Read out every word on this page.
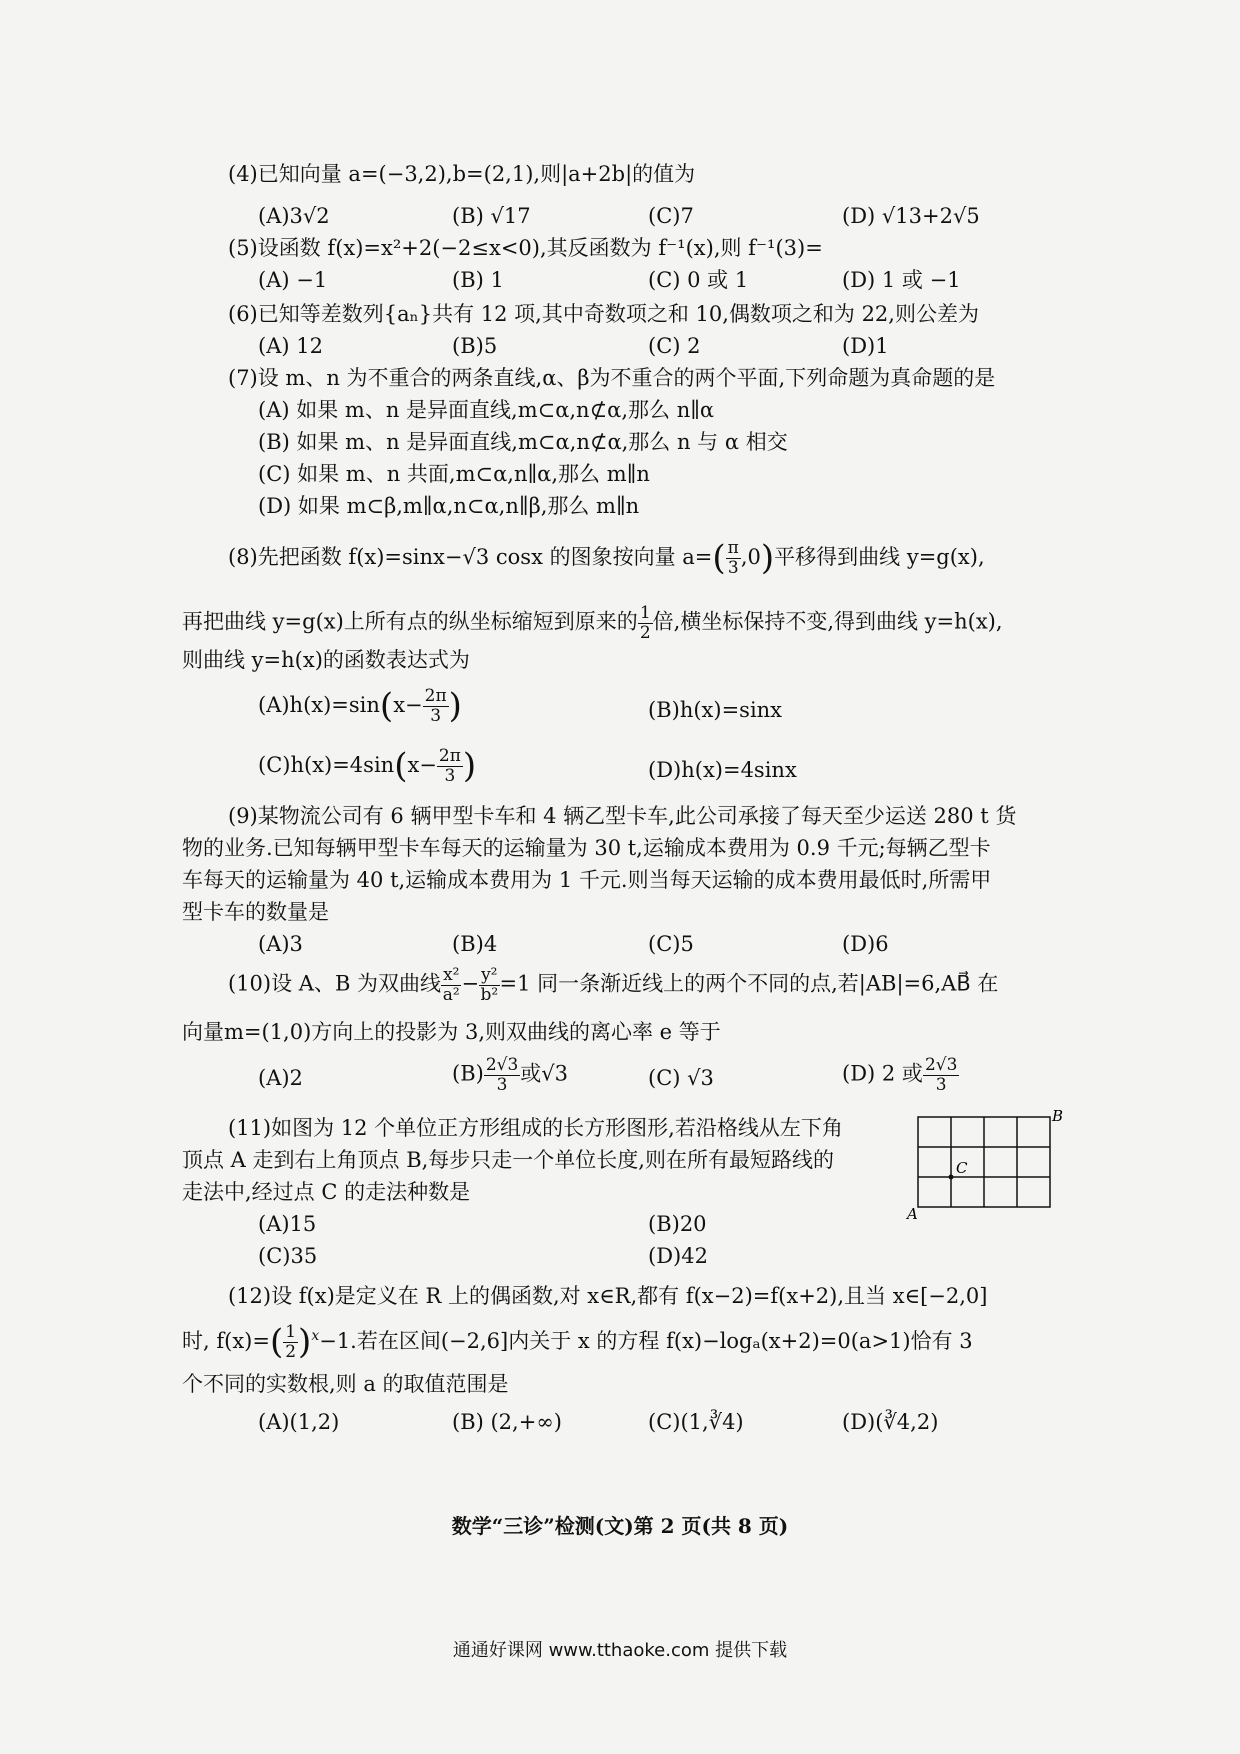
(4)已知向量 a=(−3,2),b=(2,1),则|a+2b|的值为
(A)3√2	(B) √17	(C)7	(D) √13+2√5
(5)设函数 f(x)=x²+2(−2≤x<0),其反函数为 f⁻¹(x),则 f⁻¹(3)=
(A) −1	(B) 1	(C) 0 或 1	(D) 1 或 −1
(6)已知等差数列{aₙ}共有 12 项,其中奇数项之和 10,偶数项之和为 22,则公差为
(A) 12	(B)5	(C) 2	(D)1
(7)设 m、n 为不重合的两条直线,α、β为不重合的两个平面,下列命题为真命题的是
(A) 如果 m、n 是异面直线,m⊂α,n⊄α,那么 n∥α
(B) 如果 m、n 是异面直线,m⊂α,n⊄α,那么 n 与 α 相交
(C) 如果 m、n 共面,m⊂α,n∥α,那么 m∥n
(D) 如果 m⊂β,m∥α,n⊂α,n∥β,那么 m∥n
(8)先把函数 f(x)=sinx−√3 cosx 的图象按向量 $a=( \frac{\pi}{3} ,0)$平移得到曲线 y=g(x),
再把曲线 y=g(x)上所有点的纵坐标缩短到原来的 $\frac{1}{2}$ 倍,横坐标保持不变,得到曲线 y=h(x),
则曲线 y=h(x)的函数表达式为
$(A)h(x)=\sin(x- \frac{2\pi}{3}$ )	(B)h(x)=sinx
$(C)h(x)=4\sin(x- \frac{2\pi}{3}$ )	(D)h(x)=4sinx
(9)某物流公司有 6 辆甲型卡车和 4 辆乙型卡车,此公司承接了每天至少运送 280 t 货
物的业务.已知每辆甲型卡车每天的运输量为 30 t,运输成本费用为 0.9 千元;每辆乙型卡
车每天的运输量为 40 t,运输成本费用为 1 千元.则当每天运输的成本费用最低时,所需甲
型卡车的数量是
(A)3	(B)4	(C)5	(D)6
(10)设 A、B 为双曲线 $\frac{\text{x²}}{\text{a²}} - \frac{\text{y²}}{\text{b²}} =1$ 同一条渐近线上的两个不同的点,若|AB|=6,AB⃗ 在
向量m=(1,0)方向上的投影为 3,则双曲线的离心率 e 等于
(A)2	$(B) \frac{2√3}{3}$ 或√3	(C) √3	(D) 2 或 $\frac{2√3}{3}$
(11)如图为 12 个单位正方形组成的长方形图形,若沿格线从左下角
顶点 A 走到右上角顶点 B,每步只走一个单位长度,则在所有最短路线的
走法中,经过点 C 的走法种数是
(A)15	(B)20
(C)35	(D)42
A
B
C
(12)设 f(x)是定义在 R 上的偶函数,对 x∈R,都有 f(x−2)=f(x+2),且当 x∈[−2,0]
时, $f(x)=( \frac{1}{2} )^x-1$.若在区间(−2,6]内关于 x 的方程 f(x)−logₐ(x+2)=0(a>1)恰有 3
个不同的实数根,则 a 的取值范围是
(A)(1,2)	(B) (2,+∞)	(C)(1,∛4)	(D)(∛4,2)
数学“三诊”检测(文)第 2 页(共 8 页)
通通好课网 www.tthaoke.com 提供下载
